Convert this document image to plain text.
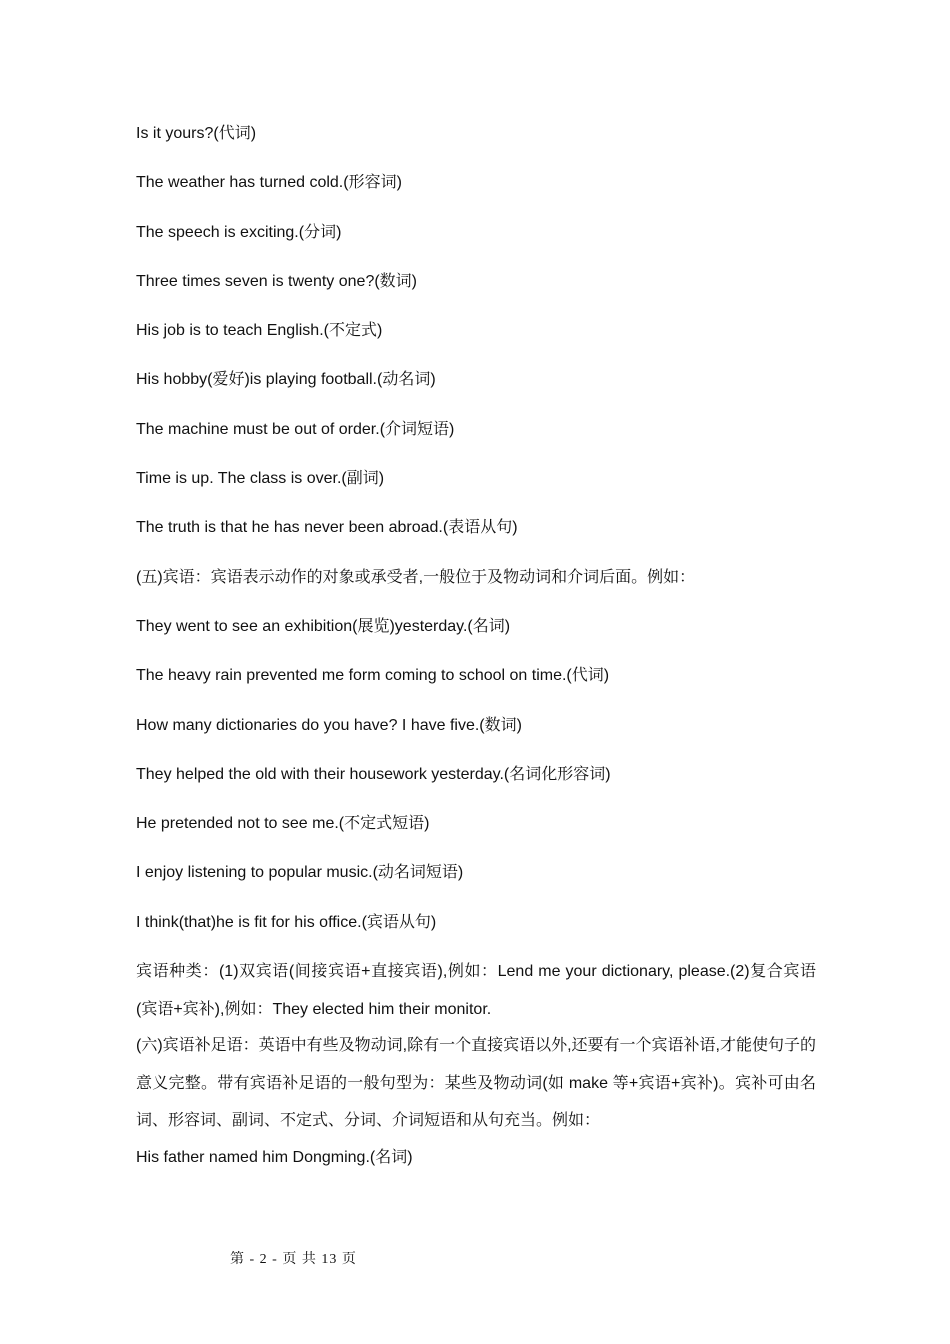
Is it yours?(代词)
The weather has turned cold.(形容词)
The speech is exciting.(分词)
Three times seven is twenty one?(数词)
His job is to teach English.(不定式)
His hobby(爱好)is playing football.(动名词)
The machine must be out of order.(介词短语)
Time is up. The class is over.(副词)
The truth is that he has never been abroad.(表语从句)
(五)宾语：宾语表示动作的对象或承受者,一般位于及物动词和介词后面。例如：
They went to see an exhibition(展览)yesterday.(名词)
The heavy rain prevented me form coming to school on time.(代词)
How many dictionaries do you have? I have five.(数词)
They helped the old with their housework yesterday.(名词化形容词)
He pretended not to see me.(不定式短语)
I enjoy listening to popular music.(动名词短语)
I think(that)he is fit for his office.(宾语从句)
宾语种类：(1)双宾语(间接宾语+直接宾语),例如：Lend me your dictionary, please.(2)复合宾语(宾语+宾补),例如：They elected him their monitor.
(六)宾语补足语：英语中有些及物动词,除有一个直接宾语以外,还要有一个宾语补语,才能使句子的意义完整。带有宾语补足语的一般句型为：某些及物动词(如 make 等+宾语+宾补)。宾补可由名词、形容词、副词、不定式、分词、介词短语和从句充当。例如：
His father named him Dongming.(名词)
第 - 2 - 页 共 13 页
